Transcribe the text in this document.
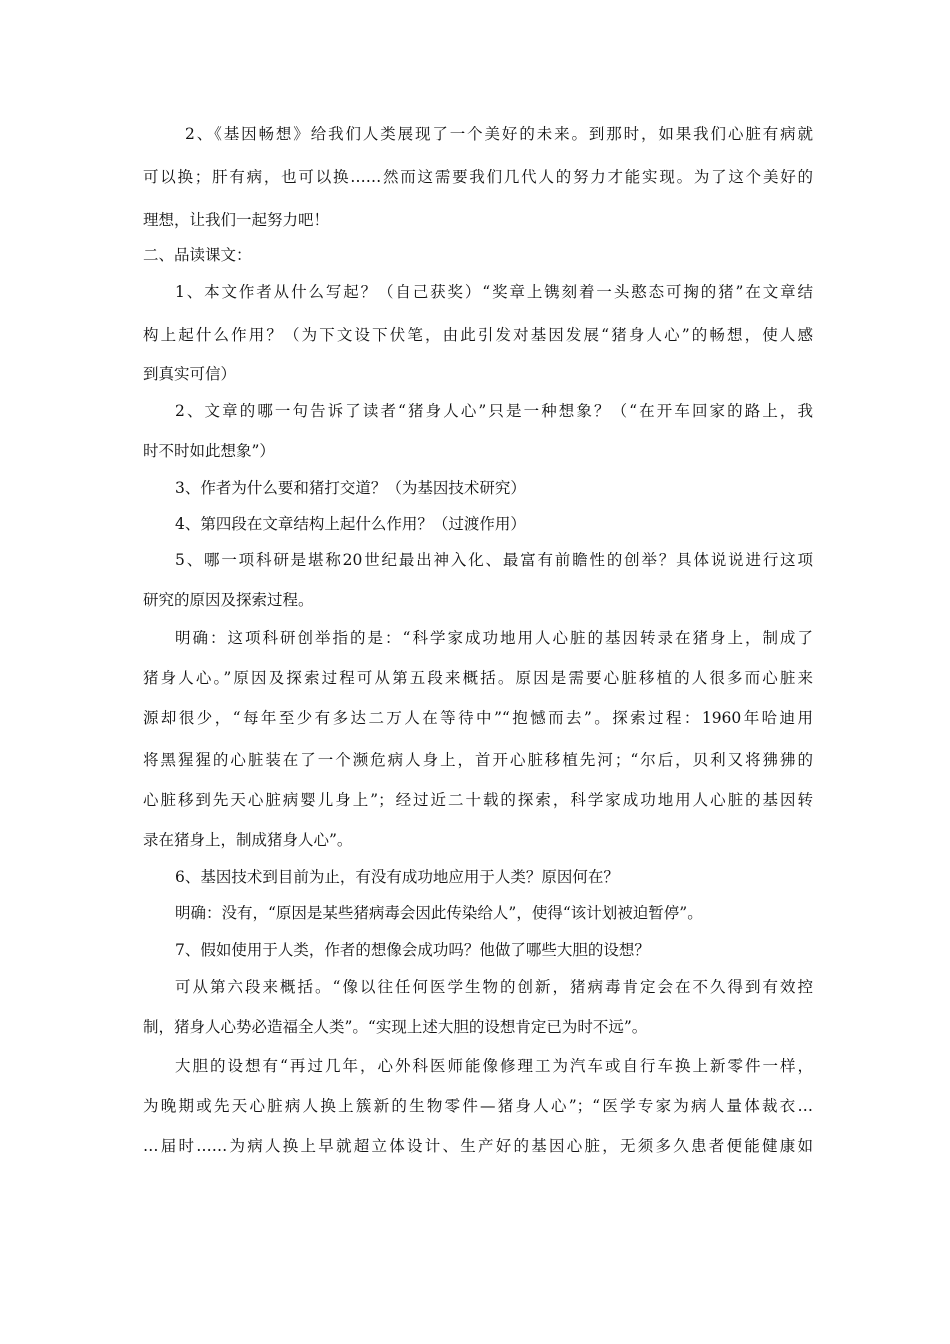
2、《基因畅想》给我们人类展现了一个美好的未来。到那时，如果我们心脏有病就
可以换；肝有病，也可以换……然而这需要我们几代人的努力才能实现。为了这个美好的
理想，让我们一起努力吧！
二、品读课文：
1、本文作者从什么写起？（自己获奖）“奖章上镌刻着一头憨态可掬的猪”在文章结
构上起什么作用？（为下文设下伏笔，由此引发对基因发展“猪身人心”的畅想，使人感
到真实可信）
2、文章的哪一句告诉了读者“猪身人心”只是一种想象？（“在开车回家的路上，我
时不时如此想象”）
3、作者为什么要和猪打交道？（为基因技术研究）
4、第四段在文章结构上起什么作用？（过渡作用）
5、哪一项科研是堪称20世纪最出神入化、最富有前瞻性的创举？具体说说进行这项
研究的原因及探索过程。
明确：这项科研创举指的是：“科学家成功地用人心脏的基因转录在猪身上，制成了
猪身人心。”原因及探索过程可从第五段来概括。原因是需要心脏移植的人很多而心脏来
源却很少，“每年至少有多达二万人在等待中”“抱憾而去”。探索过程：1960年哈迪用
将黑猩猩的心脏装在了一个濒危病人身上，首开心脏移植先河；“尔后，贝利又将狒狒的
心脏移到先天心脏病婴儿身上”；经过近二十载的探索，科学家成功地用人心脏的基因转
录在猪身上，制成猪身人心”。
6、基因技术到目前为止，有没有成功地应用于人类？原因何在？
明确：没有，“原因是某些猪病毒会因此传染给人”，使得“该计划被迫暂停”。
7、假如使用于人类，作者的想像会成功吗？他做了哪些大胆的设想？
可从第六段来概括。“像以往任何医学生物的创新，猪病毒肯定会在不久得到有效控
制，猪身人心势必造福全人类”。“实现上述大胆的设想肯定已为时不远”。
大胆的设想有“再过几年，心外科医师能像修理工为汽车或自行车换上新零件一样，
为晚期或先天心脏病人换上簇新的生物零件—猪身人心”；“医学专家为病人量体裁衣…
…届时……为病人换上早就超立体设计、生产好的基因心脏，无须多久患者便能健康如
